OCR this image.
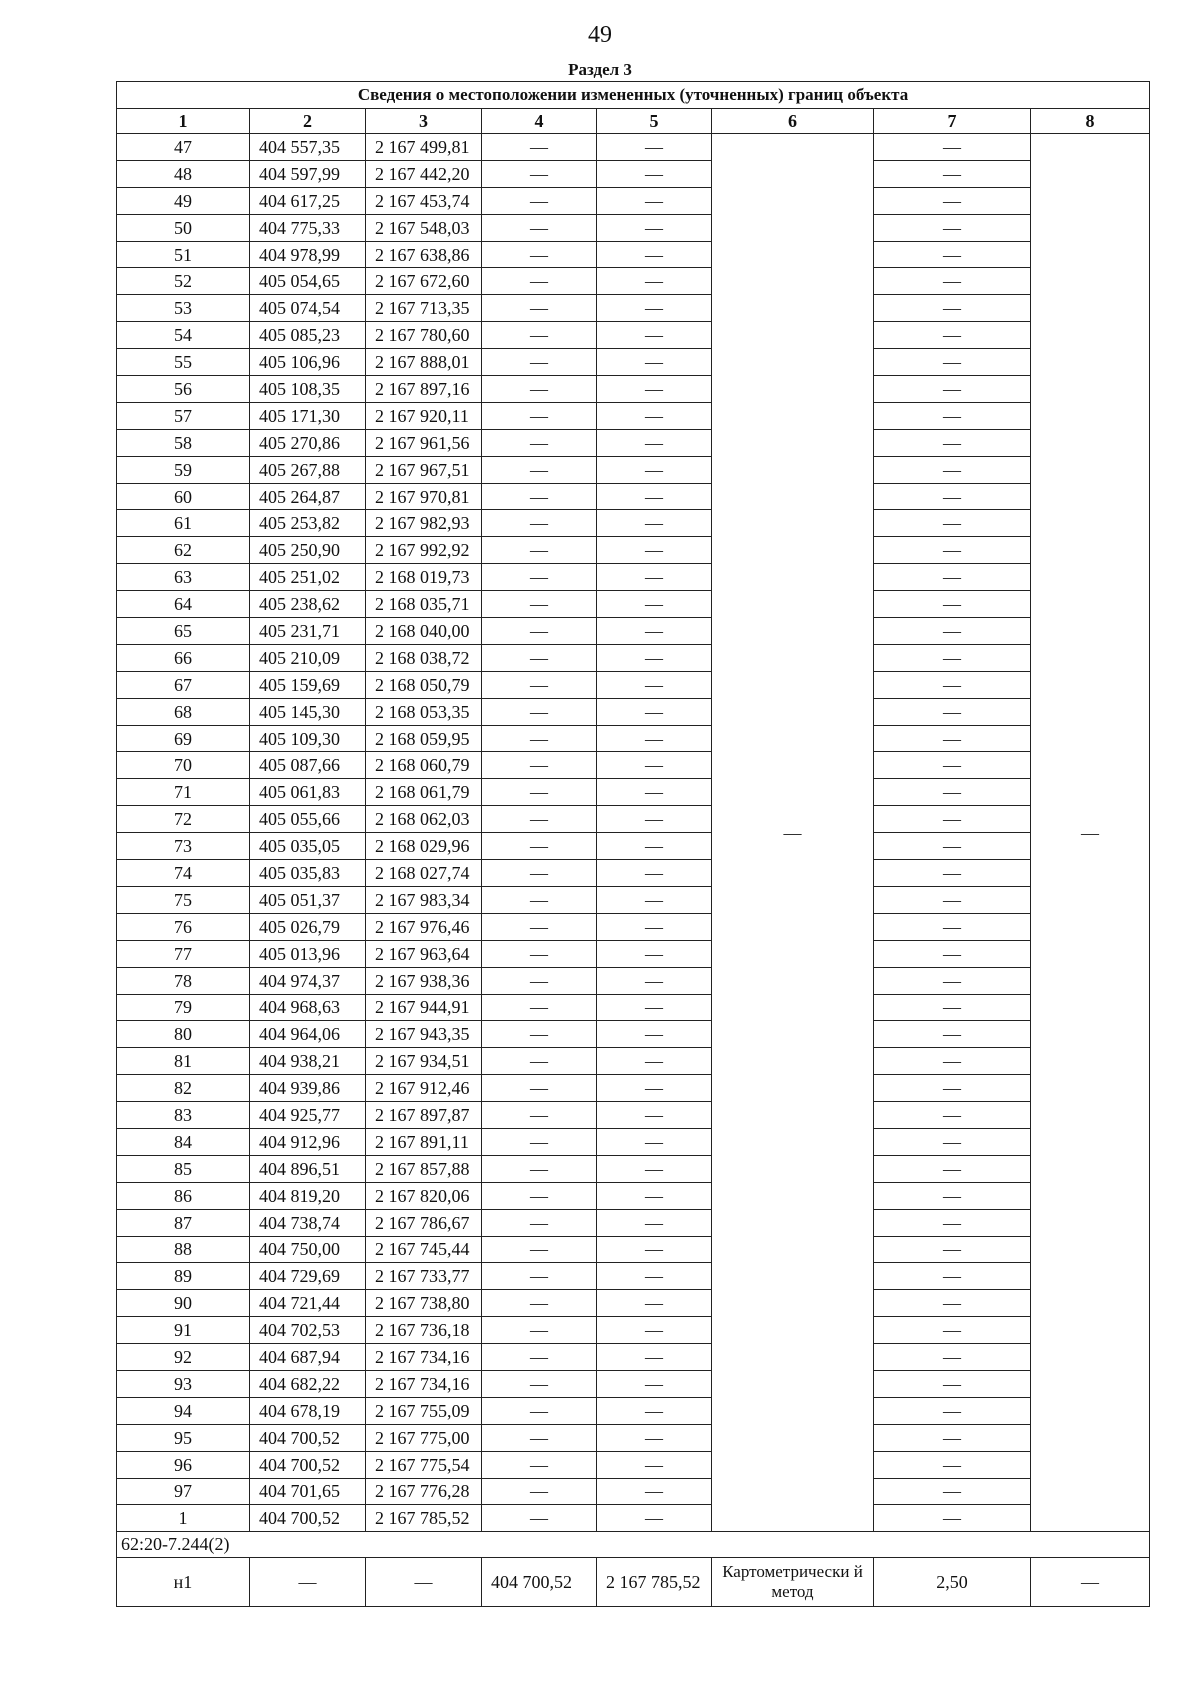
49
Раздел 3
Сведения о местоположении измененных (уточненных) границ объекта							
1	2	3	4	5	6	7	8
47	404 557,35	2 167 499,81	—	—	—	—	—
48	404 597,99	2 167 442,20	—	—		—	
49	404 617,25	2 167 453,74	—	—		—	
50	404 775,33	2 167 548,03	—	—		—	
51	404 978,99	2 167 638,86	—	—		—	
52	405 054,65	2 167 672,60	—	—		—	
53	405 074,54	2 167 713,35	—	—		—	
54	405 085,23	2 167 780,60	—	—		—	
55	405 106,96	2 167 888,01	—	—		—	
56	405 108,35	2 167 897,16	—	—		—	
57	405 171,30	2 167 920,11	—	—		—	
58	405 270,86	2 167 961,56	—	—		—	
59	405 267,88	2 167 967,51	—	—		—	
60	405 264,87	2 167 970,81	—	—		—	
61	405 253,82	2 167 982,93	—	—		—	
62	405 250,90	2 167 992,92	—	—		—	
63	405 251,02	2 168 019,73	—	—		—	
64	405 238,62	2 168 035,71	—	—		—	
65	405 231,71	2 168 040,00	—	—		—	
66	405 210,09	2 168 038,72	—	—		—	
67	405 159,69	2 168 050,79	—	—		—	
68	405 145,30	2 168 053,35	—	—		—	
69	405 109,30	2 168 059,95	—	—		—	
70	405 087,66	2 168 060,79	—	—		—	
71	405 061,83	2 168 061,79	—	—		—	
72	405 055,66	2 168 062,03	—	—		—	
73	405 035,05	2 168 029,96	—	—		—	
74	405 035,83	2 168 027,74	—	—		—	
75	405 051,37	2 167 983,34	—	—		—	
76	405 026,79	2 167 976,46	—	—		—	
77	405 013,96	2 167 963,64	—	—		—	
78	404 974,37	2 167 938,36	—	—		—	
79	404 968,63	2 167 944,91	—	—		—	
80	404 964,06	2 167 943,35	—	—		—	
81	404 938,21	2 167 934,51	—	—		—	
82	404 939,86	2 167 912,46	—	—		—	
83	404 925,77	2 167 897,87	—	—		—	
84	404 912,96	2 167 891,11	—	—		—	
85	404 896,51	2 167 857,88	—	—		—	
86	404 819,20	2 167 820,06	—	—		—	
87	404 738,74	2 167 786,67	—	—		—	
88	404 750,00	2 167 745,44	—	—		—	
89	404 729,69	2 167 733,77	—	—		—	
90	404 721,44	2 167 738,80	—	—		—	
91	404 702,53	2 167 736,18	—	—		—	
92	404 687,94	2 167 734,16	—	—		—	
93	404 682,22	2 167 734,16	—	—		—	
94	404 678,19	2 167 755,09	—	—		—	
95	404 700,52	2 167 775,00	—	—		—	
96	404 700,52	2 167 775,54	—	—		—	
97	404 701,65	2 167 776,28	—	—		—	
1	404 700,52	2 167 785,52	—	—		—	
62:20-7.244(2)							
н1	—	—	404 700,52	2 167 785,52	Картометрически й метод	2,50	—
